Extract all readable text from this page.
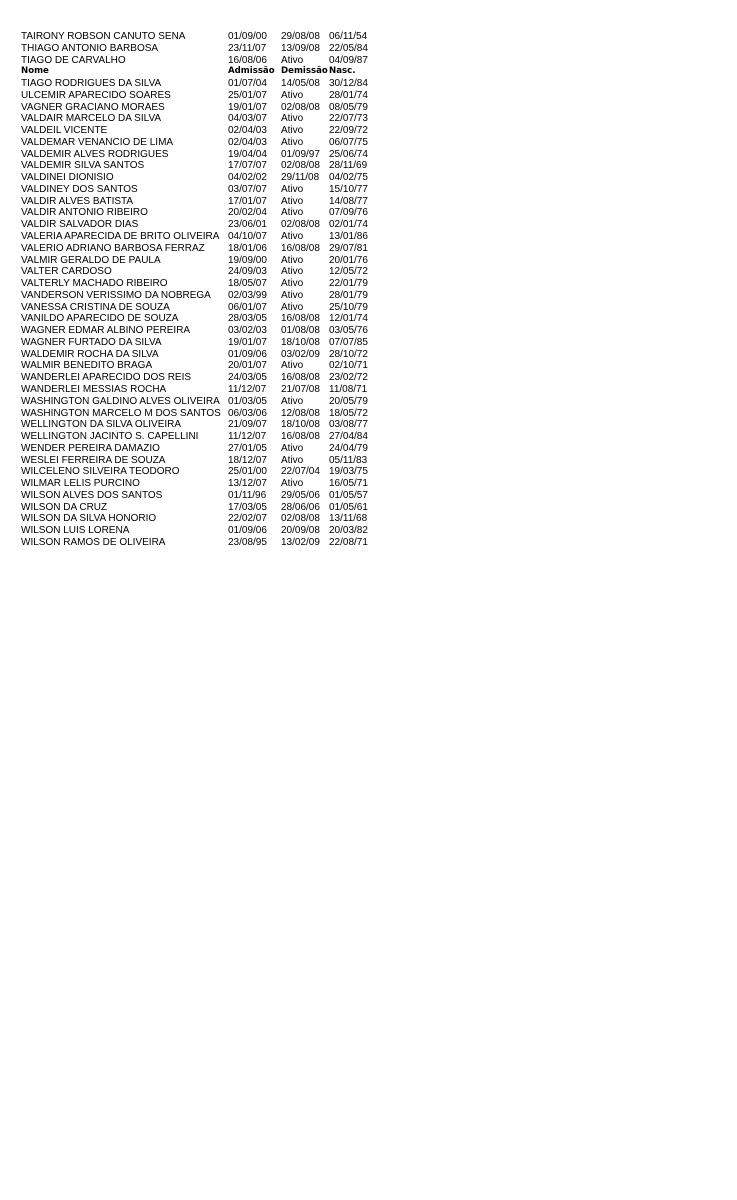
TAIRONY ROBSON CANUTO SENA	01/09/00	29/08/08 06/11/54
THIAGO ANTONIO BARBOSA	23/11/07	13/09/08 22/05/84
TIAGO DE CARVALHO	16/08/06	Ativo	04/09/87
Nome	Admissão Demissão Nasc.
TIAGO RODRIGUES DA SILVA	01/07/04	14/05/08 30/12/84
ULCEMIR APARECIDO SOARES	25/01/07	Ativo	28/01/74
VAGNER GRACIANO MORAES	19/01/07	02/08/08 08/05/79
VALDAIR MARCELO DA SILVA	04/03/07	Ativo	22/07/73
VALDEIL VICENTE	02/04/03	Ativo	22/09/72
VALDEMAR VENANCIO DE LIMA	02/04/03	Ativo	06/07/75
VALDEMIR ALVES RODRIGUES	19/04/04	01/09/97 25/06/74
VALDEMIR SILVA SANTOS	17/07/07	02/08/08 28/11/69
VALDINEI DIONISIO	04/02/02	29/11/08 04/02/75
VALDINEY DOS SANTOS	03/07/07	Ativo	15/10/77
VALDIR ALVES BATISTA	17/01/07	Ativo	14/08/77
VALDIR ANTONIO RIBEIRO	20/02/04	Ativo	07/09/76
VALDIR SALVADOR DIAS	23/06/01	02/08/08 02/01/74
VALERIA APARECIDA DE BRITO OLIVEIRA 04/10/07	Ativo	13/01/86
VALERIO ADRIANO BARBOSA FERRAZ	18/01/06	16/08/08 29/07/81
VALMIR GERALDO DE PAULA	19/09/00	Ativo	20/01/76
VALTER CARDOSO	24/09/03	Ativo	12/05/72
VALTERLY MACHADO RIBEIRO	18/05/07	Ativo	22/01/79
VANDERSON VERISSIMO DA NOBREGA	02/03/99	Ativo	28/01/79
VANESSA CRISTINA DE SOUZA	06/01/07	Ativo	25/10/79
VANILDO APARECIDO DE SOUZA	28/03/05	16/08/08 12/01/74
WAGNER EDMAR ALBINO PEREIRA	03/02/03	01/08/08 03/05/76
WAGNER FURTADO DA SILVA	19/01/07	18/10/08 07/07/85
WALDEMIR ROCHA DA SILVA	01/09/06	03/02/09 28/10/72
WALMIR BENEDITO BRAGA	20/01/07	Ativo	02/10/71
WANDERLEI APARECIDO DOS REIS	24/03/05	16/08/08 23/02/72
WANDERLEI MESSIAS ROCHA	11/12/07	21/07/08 11/08/71
WASHINGTON GALDINO ALVES OLIVEIRA 01/03/05	Ativo	20/05/79
WASHINGTON MARCELO M DOS SANTOS 06/03/06	12/08/08 18/05/72
WELLINGTON DA SILVA OLIVEIRA	21/09/07	18/10/08 03/08/77
WELLINGTON JACINTO S. CAPELLINI	11/12/07	16/08/08 27/04/84
WENDER PEREIRA DAMAZIO	27/01/05	Ativo	24/04/79
WESLEI FERREIRA DE SOUZA	18/12/07	Ativo	05/11/83
WILCELENO SILVEIRA TEODORO	25/01/00	22/07/04 19/03/75
WILMAR LELIS PURCINO	13/12/07	Ativo	16/05/71
WILSON ALVES DOS SANTOS	01/11/96	29/05/06 01/05/57
WILSON DA CRUZ	17/03/05	28/06/06 01/05/61
WILSON DA SILVA HONORIO	22/02/07	02/08/08 13/11/68
WILSON LUIS LORENA	01/09/06	20/09/08 20/03/82
WILSON RAMOS DE OLIVEIRA	23/08/95	13/02/09 22/08/71
